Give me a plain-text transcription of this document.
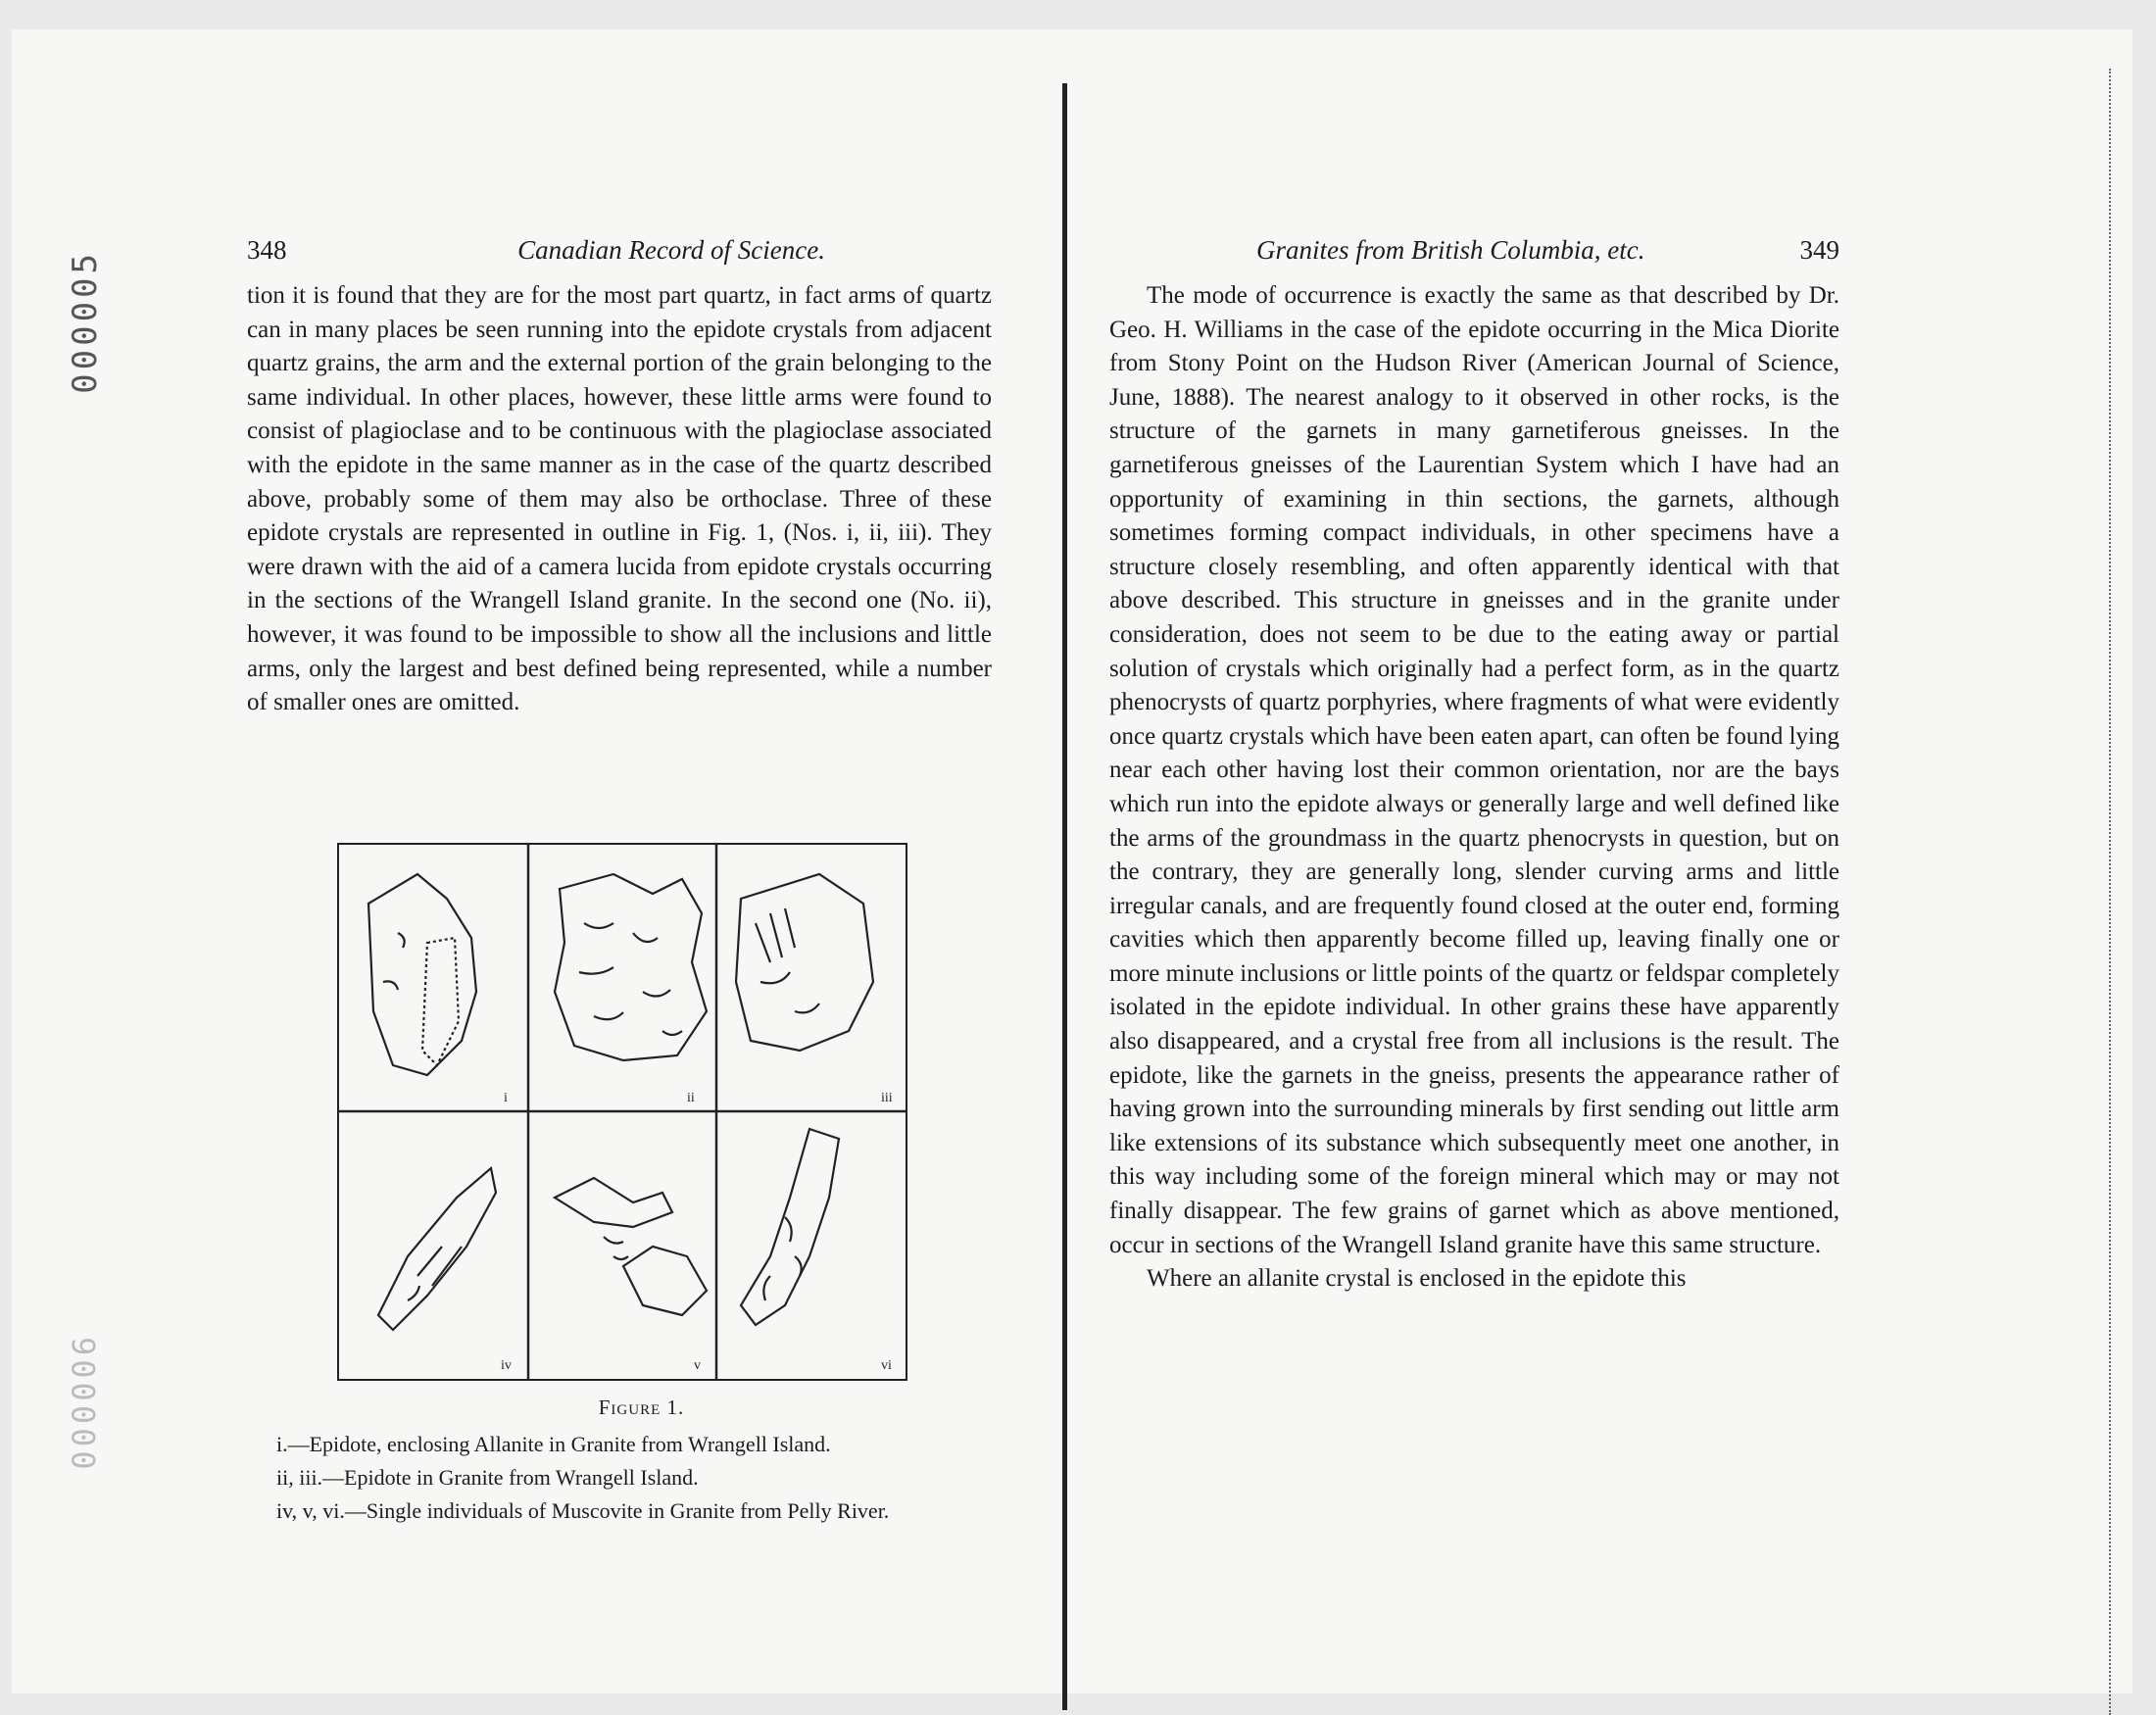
000005
000006
348	Canadian Record of Science.

tion it is found that they are for the most part quartz, in fact arms of quartz can in many places be seen running into the epidote crystals from adjacent quartz grains, the arm and the external portion of the grain belonging to the same individual. In other places, however, these little arms were found to consist of plagioclase and to be continuous with the plagioclase associated with the epidote in the same manner as in the case of the quartz described above, probably some of them may also be orthoclase. Three of these epidote crystals are represented in outline in Fig. 1, (Nos. i, ii, iii). They were drawn with the aid of a camera lucida from epidote crystals occurring in the sections of the Wrangell Island granite. In the second one (No. ii), however, it was found to be impossible to show all the inclusions and little arms, only the largest and best defined being represented, while a number of smaller ones are omitted.

i	ii	iii
iv	v	vi
Figure 1.

i.—Epidote, enclosing Allanite in Granite from Wrangell Island.

ii, iii.—Epidote in Granite from Wrangell Island.

iv, v, vi.—Single individuals of Muscovite in Granite from Pelly River.

Granites from British Columbia, etc.	349

The mode of occurrence is exactly the same as that described by Dr. Geo. H. Williams in the case of the epidote occurring in the Mica Diorite from Stony Point on the Hudson River (American Journal of Science, June, 1888). The nearest analogy to it observed in other rocks, is the structure of the garnets in many garnetiferous gneisses. In the garnetiferous gneisses of the Laurentian System which I have had an opportunity of examining in thin sections, the garnets, although sometimes forming compact individuals, in other specimens have a structure closely resembling, and often apparently identical with that above described. This structure in gneisses and in the granite under consideration, does not seem to be due to the eating away or partial solution of crystals which originally had a perfect form, as in the quartz phenocrysts of quartz porphyries, where fragments of what were evidently once quartz crystals which have been eaten apart, can often be found lying near each other having lost their common orientation, nor are the bays which run into the epidote always or generally large and well defined like the arms of the groundmass in the quartz phenocrysts in question, but on the contrary, they are generally long, slender curving arms and little irregular canals, and are frequently found closed at the outer end, forming cavities which then apparently become filled up, leaving finally one or more minute inclusions or little points of the quartz or feldspar completely isolated in the epidote individual. In other grains these have apparently also disappeared, and a crystal free from all inclusions is the result. The epidote, like the garnets in the gneiss, presents the appearance rather of having grown into the surrounding minerals by first sending out little arm like extensions of its substance which subsequently meet one another, in this way including some of the foreign mineral which may or may not finally disappear. The few grains of garnet which as above mentioned, occur in sections of the Wrangell Island granite have this same structure.

Where an allanite crystal is enclosed in the epidote this
